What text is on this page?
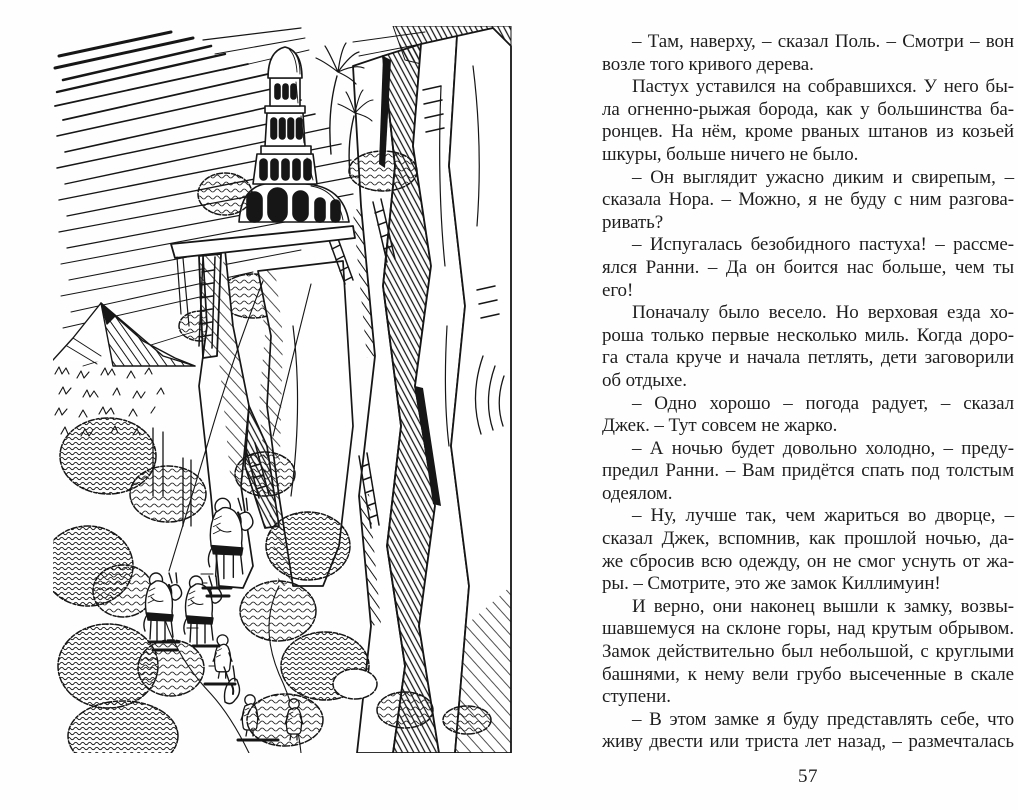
– Там, наверху, – сказал Поль. – Смотри – вон
возле того кривого дерева.
Пастух уставился на собравшихся. У него бы-
ла огненно-рыжая борода, как у большинства ба-
ронцев. На нём, кроме рваных штанов из козьей
шкуры, больше ничего не было.
– Он выглядит ужасно диким и свирепым, –
сказала Нора. – Можно, я не буду с ним разгова-
ривать?
– Испугалась безобидного пастуха! – рассме-
ялся Ранни. – Да он боится нас больше, чем ты
его!
Поначалу было весело. Но верховая езда хо-
роша только первые несколько миль. Когда доро-
га стала круче и начала петлять, дети заговорили
об отдыхе.
– Одно хорошо – погода радует, – сказал
Джек. – Тут совсем не жарко.
– А ночью будет довольно холодно, – преду-
предил Ранни. – Вам придётся спать под толстым
одеялом.
– Ну, лучше так, чем жариться во дворце, –
сказал Джек, вспомнив, как прошлой ночью, да-
же сбросив всю одежду, он не смог уснуть от жа-
ры. – Смотрите, это же замок Киллимуин!
И верно, они наконец вышли к замку, возвы-
шавшемуся на склоне горы, над крутым обрывом.
Замок действительно был небольшой, с круглыми
башнями, к нему вели грубо высеченные в скале
ступени.
– В этом замке я буду представлять себе, что
живу двести или триста лет назад, – размечталась
57
